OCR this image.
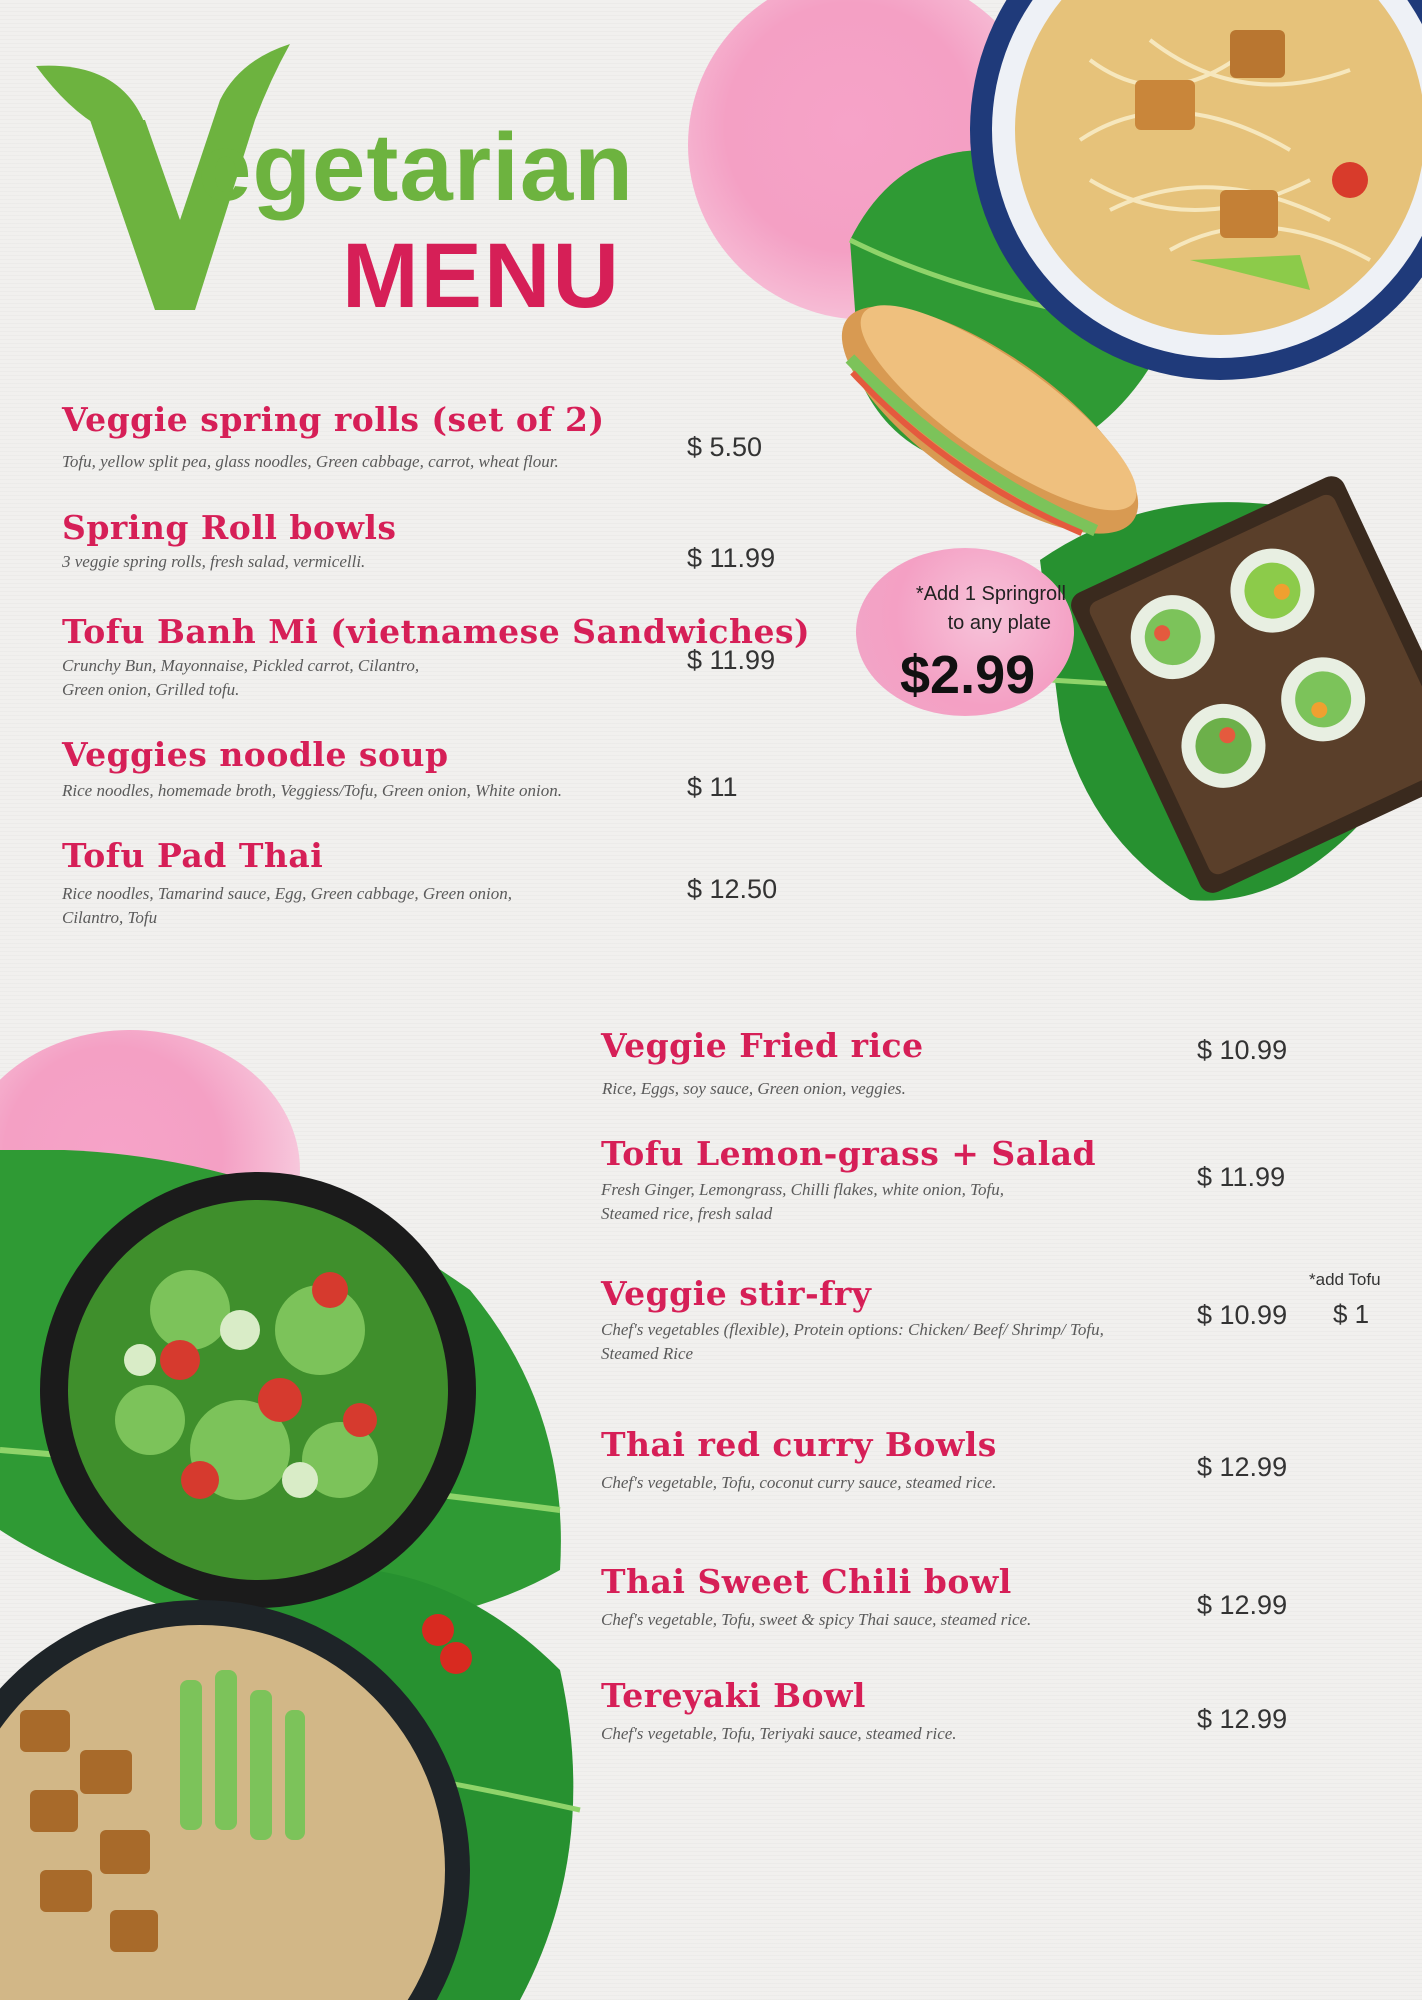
egetarian
MENU
*Add 1 Springroll
to any plate
$2.99
Veggie spring rolls (set of 2)
Tofu, yellow split pea, glass noodles, Green cabbage, carrot, wheat flour.	$ 5.50
Spring Roll bowls
3 veggie spring rolls, fresh salad, vermicelli.	$ 11.99
Tofu Banh Mi (vietnamese Sandwiches)
Crunchy Bun, Mayonnaise, Pickled carrot, Cilantro,
Green onion, Grilled tofu.
$ 11.99
Veggies noodle soup
Rice noodles, homemade broth, Veggiess/Tofu, Green onion, White onion.	$ 11
Tofu Pad Thai
Rice noodles, Tamarind sauce, Egg, Green cabbage, Green onion,
Cilantro, Tofu
$ 12.50
Veggie Fried rice
Rice, Eggs, soy sauce, Green onion, veggies.
$ 10.99
Tofu Lemon-grass + Salad
Fresh Ginger, Lemongrass, Chilli flakes, white onion, Tofu,
Steamed rice, fresh salad
$ 11.99
Veggie stir-fry
Chef's vegetables (flexible), Protein options: Chicken/ Beef/ Shrimp/ Tofu,
Steamed Rice
$ 10.99
*add Tofu
$ 1
Thai red curry Bowls
Chef's vegetable, Tofu, coconut curry sauce, steamed rice.
$ 12.99
Thai Sweet Chili bowl
Chef's vegetable, Tofu, sweet & spicy Thai sauce, steamed rice.	$ 12.99
Tereyaki Bowl
Chef's vegetable, Tofu, Teriyaki sauce, steamed rice.	$ 12.99
